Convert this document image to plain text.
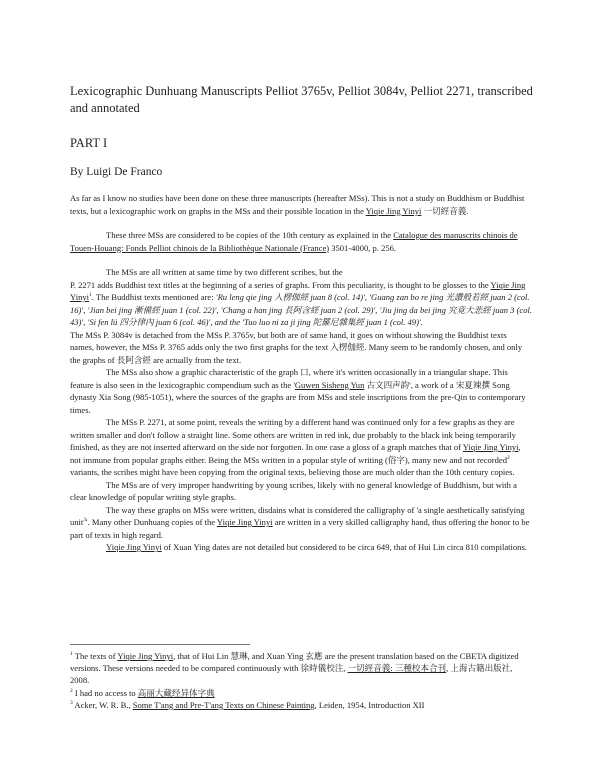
Lexicographic Dunhuang Manuscripts Pelliot 3765v, Pelliot 3084v, Pelliot 2271, transcribed and annotated
PART I
By Luigi De Franco

As far as I know no studies have been done on these three manuscripts (hereafter MSs). This is not a study on Buddhism or Buddhist texts, but a lexicographic work on graphs in the MSs and their possible location in the Yiqie Jing Yinyi 一切經音義.

These three MSs are considered to be copies of the 10th century as explained in the Catalogue des manuscrits chinois de Touen-Houang: Fonds Pelliot chinois de la Bibliothèque Nationale (France) 3501-4000, p. 256.

The MSs are all written at same time by two different scribes, but the

P. 2271 adds Buddhist text titles at the beginning of a series of graphs. From this peculiarity, is thought to be glosses to the Yiqie Jing Yinyi$^1$. The Buddhist texts mentioned are: 'Ru leng qie jing 入楞伽經 juan 8 (col. 14)', 'Guang zan bo re jing 光讚般若經 juan 2 (col. 16)', 'Jian bei jing 漸備經 juan 1 (col. 22)', 'Chang a han jing 長阿含經 juan 2 (col. 29)', 'Jiu jing da bei jing 究竟大悲經 juan 3 (col. 43)', 'Si fen lü 四分律內 juan 6 (col. 46)', and the 'Tuo luo ni za ji jing 陀羅尼雜集經 juan 1 (col. 49)'.

The MSs P. 3084v is detached from the MSs P. 3765v, but both are of same hand, it goes on without showing the Buddhist texts names, however, the MSs P. 3765 adds only the two first graphs for the text 入楞伽經. Many seem to be randomly chosen, and only the graphs of 長阿含經 are actually from the text.

The MSs also show a graphic characteristic of the graph 口, where it's written occasionally in a triangular shape. This feature is also seen in the lexicographic compendium such as the 'Guwen Sisheng Yun 古文四声韵', a work of a 宋夏竦撰 Song dynasty Xia Song (985-1051), where the sources of the graphs are from MSs and stele inscriptions from the pre-Qin to contemporary times.

The MSs P. 2271, at some point, reveals the writing by a different hand was continued only for a few graphs as they are written smaller and don't follow a straight line. Some others are written in red ink, due probably to the black ink being temporarily finished, as they are not inserted afterward on the side nor forgotten. In one case a gloss of a graph matches that of Yiqie Jing Yinyi, not immune from popular graphs either. Being the MSs written in a popular style of writing (俗字), many new and not recorded$^2$ variants, the scribes might have been copying from the original texts, believing those are much older than the 10th century copies.

The MSs are of very improper handwriting by young scribes, likely with no general knowledge of Buddhism, but with a clear knowledge of popular writing style graphs.

The way these graphs on MSs were written, disdains what is considered the calligraphy of 'a single aesthetically satisfying unit$^3$'. Many other Dunhuang copies of the Yiqie Jing Yinyi are written in a very skilled calligraphy hand, thus offering the honor to be part of texts in high regard.

Yiqie Jing Yinyi of Xuan Ying dates are not detailed but considered to be circa 649, that of Hui Lin circa 810 compilations.

$^1$ The texts of Yiqie Jing Yinyi, that of Hui Lin 慧琳, and Xuan Ying 玄應 are the present translation based on the CBETA digitized versions. These versions needed to be compared continuously with 徐時儀校注, 一切經音義: 三種校本合刊, 上海古籍出版社, 2008.

$^2$ I had no access to 高丽大藏经异体字典

$^3$ Acker, W. R. B., Some T'ang and Pre-T'ang Texts on Chinese Painting, Leiden, 1954, Introduction XII
